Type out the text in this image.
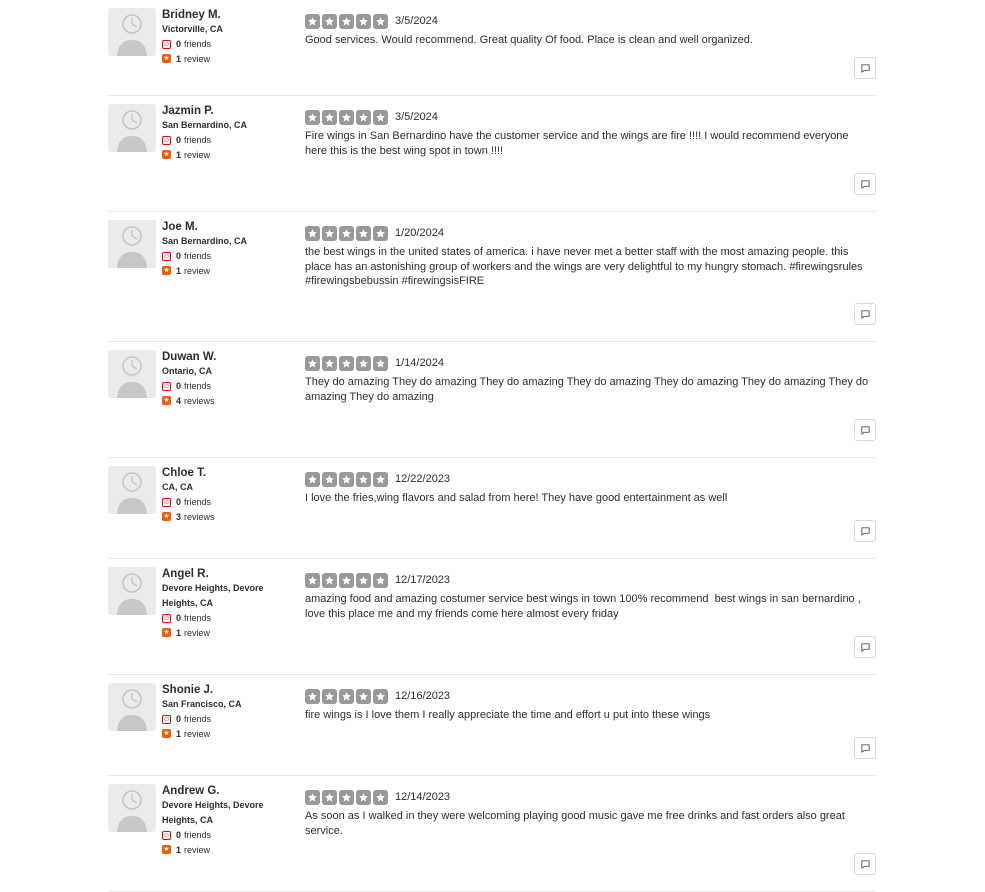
Bridney M.
Victorville, CA
☺ 0 friends
★ 1 review
3/5/2024
Good services. Would recommend. Great quality Of food. Place is clean and well organized.
Jazmin P.
San Bernardino, CA
☺ 0 friends
★ 1 review
3/5/2024
Fire wings in San Bernardino have the customer service and the wings are fire !!!! I would recommend everyone here this is the best wing spot in town !!!!
Joe M.
San Bernardino, CA
☺ 0 friends
★ 1 review
1/20/2024
the best wings in the united states of america. i have never met a better staff with the most amazing people. this place has an astonishing group of workers and the wings are very delightful to my hungry stomach. #firewingsrules #firewingsbebussin #firewingsisFIRE
Duwan W.
Ontario, CA
☺ 0 friends
★ 4 reviews
1/14/2024
They do amazing They do amazing They do amazing They do amazing They do amazing They do amazing They do amazing They do amazing
Chloe T.
CA, CA
☺ 0 friends
★ 3 reviews
12/22/2023
I love the fries,wing flavors and salad from here! They have good entertainment as well
Angel R.
Devore Heights, Devore Heights, CA
☺ 0 friends
★ 1 review
12/17/2023
amazing food and amazing costumer service best wings in town 100% recommend  best wings in san bernardino , love this place me and my friends come here almost every friday
Shonie J.
San Francisco, CA
☺ 0 friends
★ 1 review
12/16/2023
fire wings is I love them I really appreciate the time and effort u put into these wings
Andrew G.
Devore Heights, Devore Heights, CA
☺ 0 friends
★ 1 review
12/14/2023
As soon as I walked in they were welcoming playing good music gave me free drinks and fast orders also great service.
